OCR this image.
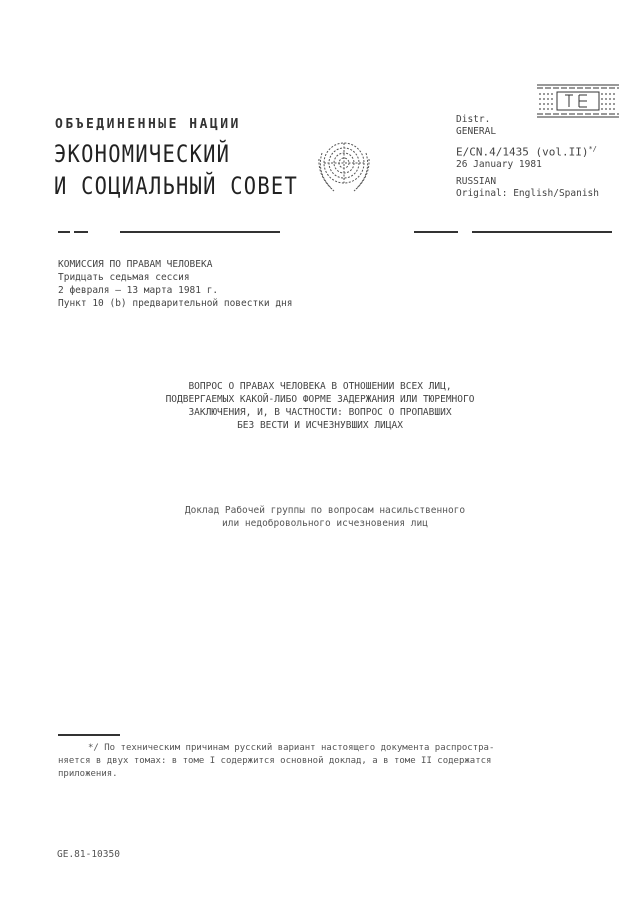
ОБЪЕДИНЕННЫЕ НАЦИИ
ЭКОНОМИЧЕСКИЙ
И СОЦИАЛЬНЫЙ СОВЕТ
Distr.
GENERAL
E/CN.4/1435 (vol.II)*/
26 January 1981
RUSSIAN
Original: English/Spanish
КОМИССИЯ ПО ПРАВАМ ЧЕЛОВЕКА
Тридцать седьмая сессия
2 февраля – 13 марта 1981 г.
Пункт 10 (b) предварительной повестки дня
ВОПРОС О ПРАВАХ ЧЕЛОВЕКА В ОТНОШЕНИИ ВСЕХ ЛИЦ,
ПОДВЕРГАЕМЫХ КАКОЙ-ЛИБО ФОРМЕ ЗАДЕРЖАНИЯ ИЛИ ТЮРЕМНОГО
ЗАКЛЮЧЕНИЯ, И, В ЧАСТНОСТИ: ВОПРОС О ПРОПАВШИХ
БЕЗ ВЕСТИ И ИСЧЕЗНУВШИХ ЛИЦАХ
Доклад Рабочей группы по вопросам насильственного
или недобровольного исчезновения лиц
*/ По техническим причинам русский вариант настоящего документа распростра-
няется в двух томах: в томе I содержится основной доклад, а в томе II содержатся
приложения.
GE.81-10350
